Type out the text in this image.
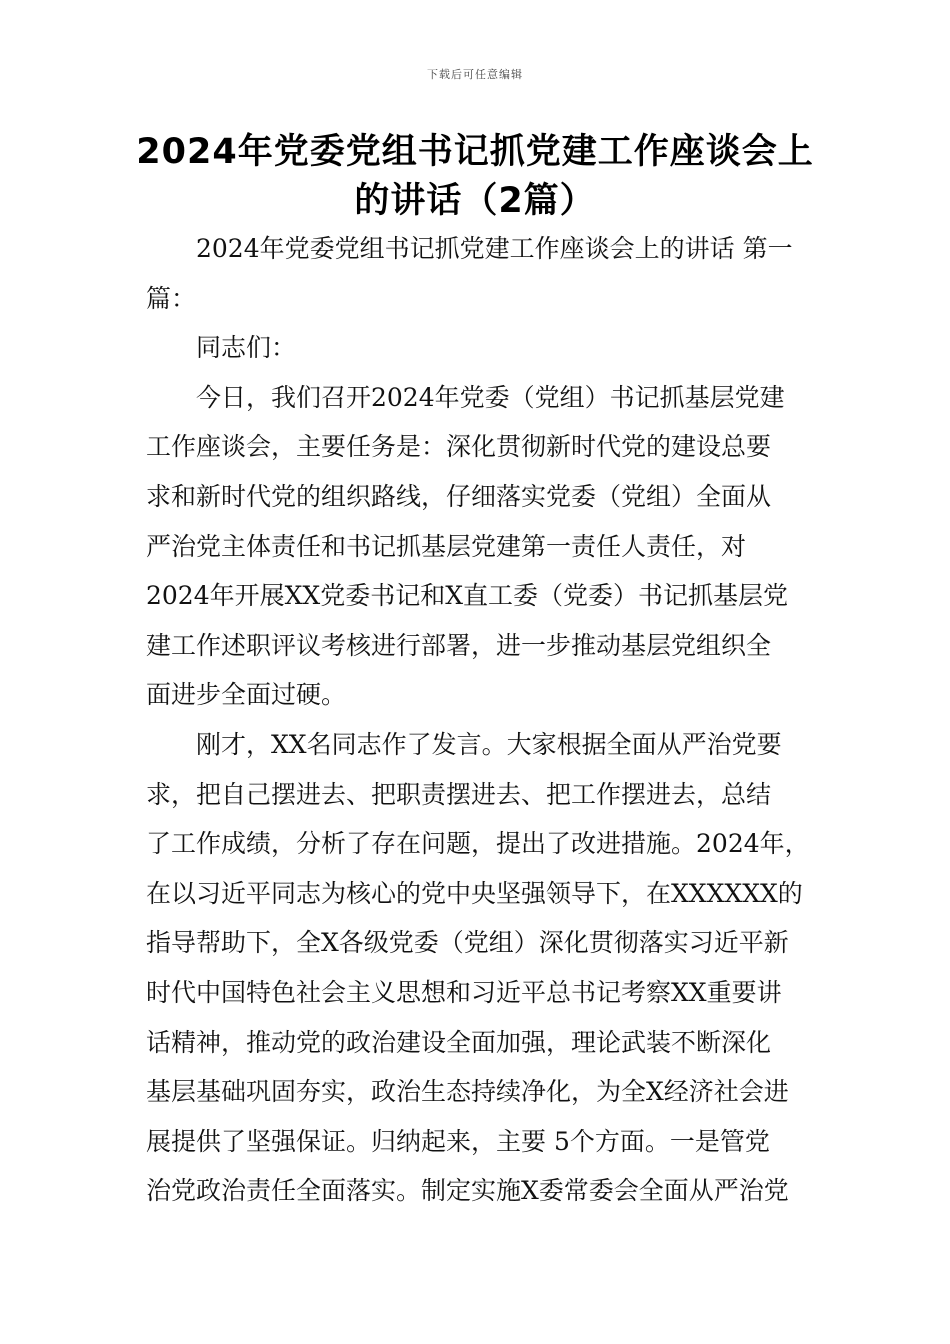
下载后可任意编辑
2024年党委党组书记抓党建工作座谈会上
的讲话（2篇）
2024年党委党组书记抓党建工作座谈会上的讲话 第一
篇：
同志们：
今日，我们召开2024年党委（党组）书记抓基层党建
工作座谈会，主要任务是：深化贯彻新时代党的建设总要
求和新时代党的组织路线，仔细落实党委（党组）全面从
严治党主体责任和书记抓基层党建第一责任人责任，对
2024年开展XX党委书记和X直工委（党委）书记抓基层党
建工作述职评议考核进行部署，进一步推动基层党组织全
面进步全面过硬。
刚才，XX名同志作了发言。大家根据全面从严治党要
求，把自己摆进去、把职责摆进去、把工作摆进去，总结
了工作成绩，分析了存在问题，提出了改进措施。2024年，
在以习近平同志为核心的党中央坚强领导下，在XXXXXX的
指导帮助下，全X各级党委（党组）深化贯彻落实习近平新
时代中国特色社会主义思想和习近平总书记考察XX重要讲
话精神，推动党的政治建设全面加强，理论武装不断深化
基层基础巩固夯实，政治生态持续净化，为全X经济社会进
展提供了坚强保证。归纳起来，主要 5个方面。一是管党
治党政治责任全面落实。制定实施X委常委会全面从严治党
